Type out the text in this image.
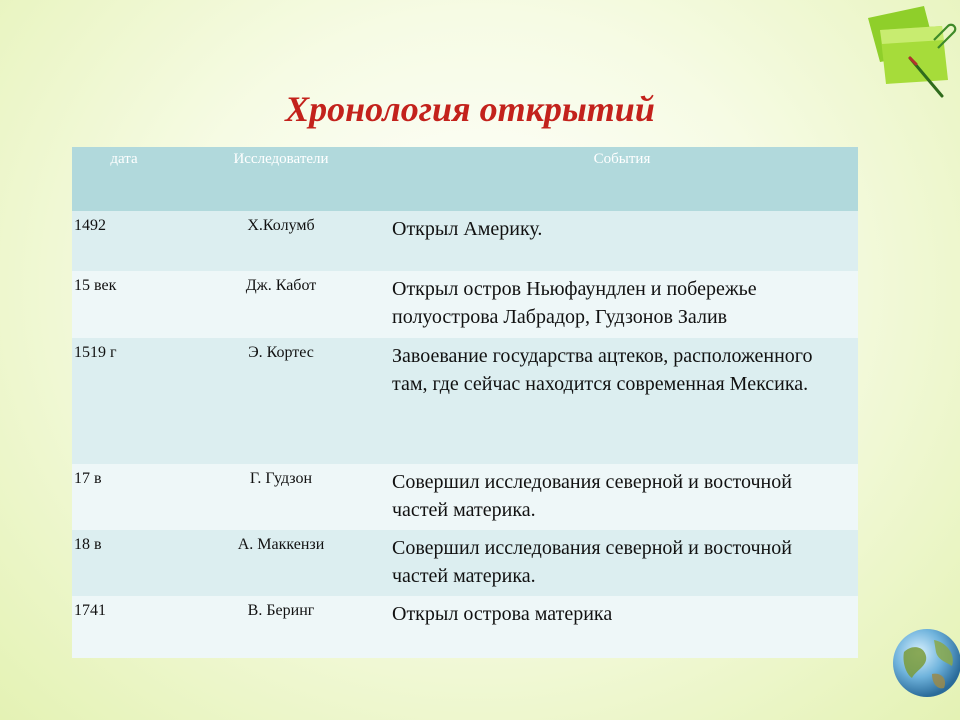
Хронология открытий
дата	Исследователи	События
1492	Х.Колумб	Открыл Америку.
15 век	Дж. Кабот	Открыл остров Ньюфаундлен и побережье полуострова Лабрадор, Гудзонов Залив
1519 г	Э. Кортес	Завоевание государства ацтеков, расположенного там, где сейчас находится современная Мексика.
17 в	Г. Гудзон	Совершил исследования северной и восточной частей материка.
18 в	А. Маккензи	Совершил исследования северной и восточной частей материка.
1741	В. Беринг	Открыл острова материка
